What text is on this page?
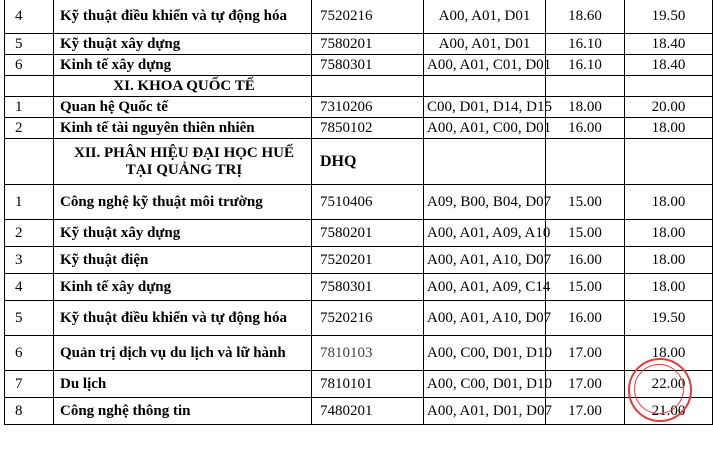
4	Kỹ thuật điều khiển và tự động hóa	7520216	A00, A01, D01	18.60	19.50
5	Kỹ thuật xây dựng	7580201	A00, A01, D01	16.10	18.40
6	Kinh tế xây dựng	7580301	A00, A01, C01, D01	16.10	18.40
	XI. KHOA QUỐC TẾ				
1	Quan hệ Quốc tế	7310206	C00, D01, D14, D15	18.00	20.00
2	Kinh tế tài nguyên thiên nhiên	7850102	A00, A01, C00, D01	16.00	18.00
	XII. PHÂN HIỆU ĐẠI HỌC HUẾ TẠI QUẢNG TRỊ	DHQ			
1	Công nghệ kỹ thuật môi trường	7510406	A09, B00, B04, D07	15.00	18.00
2	Kỹ thuật xây dựng	7580201	A00, A01, A09, A10	15.00	18.00
3	Kỹ thuật điện	7520201	A00, A01, A10, D07	16.00	18.00
4	Kinh tế xây dựng	7580301	A00, A01, A09, C14	15.00	18.00
5	Kỹ thuật điều khiển và tự động hóa	7520216	A00, A01, A10, D07	16.00	19.50
6	Quản trị dịch vụ du lịch và lữ hành	7810103	A00, C00, D01, D10	17.00	18.00
7	Du lịch	7810101	A00, C00, D01, D10	17.00	22.00
8	Công nghệ thông tin	7480201	A00, A01, D01, D07	17.00	21.00
